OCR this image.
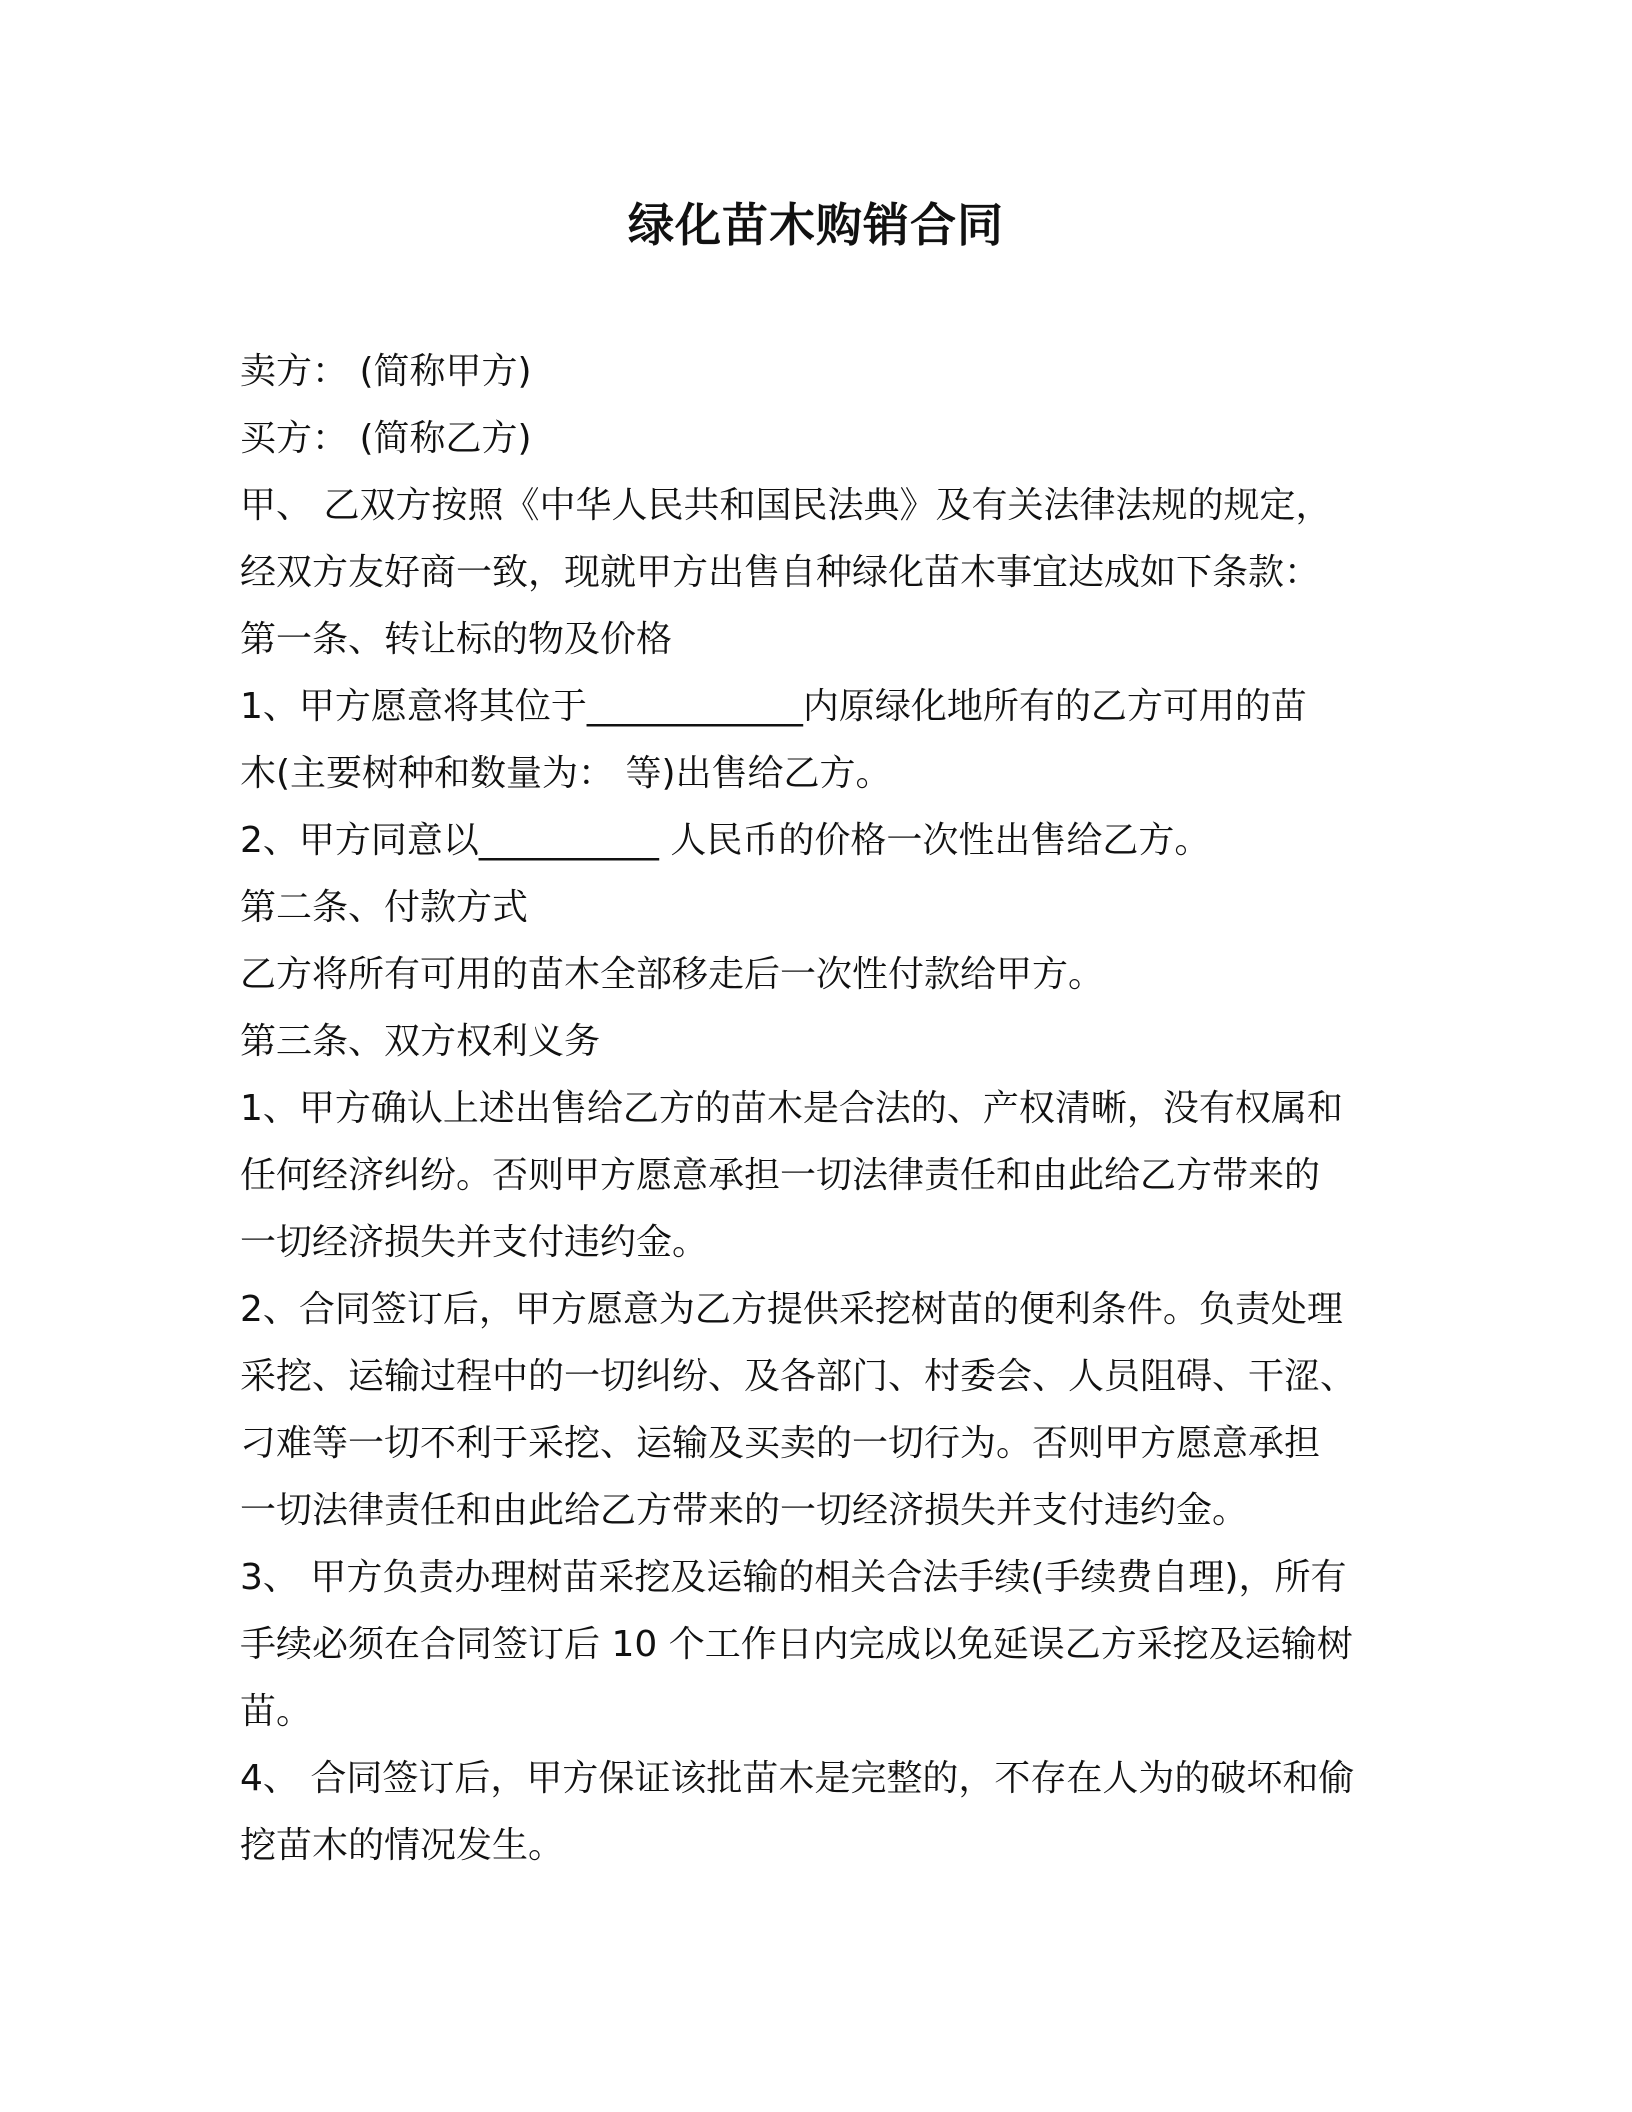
绿化苗木购销合同
卖方： (简称甲方)
买方： (简称乙方)
甲、 乙双方按照《中华人民共和国民法典》及有关法律法规的规定，
经双方友好商一致，现就甲方出售自种绿化苗木事宜达成如下条款：
第一条、转让标的物及价格
1、甲方愿意将其位于____________内原绿化地所有的乙方可用的苗
木(主要树种和数量为： 等)出售给乙方。
2、甲方同意以__________ 人民币的价格一次性出售给乙方。
第二条、付款方式
乙方将所有可用的苗木全部移走后一次性付款给甲方。
第三条、双方权利义务
1、甲方确认上述出售给乙方的苗木是合法的、产权清晰，没有权属和
任何经济纠纷。否则甲方愿意承担一切法律责任和由此给乙方带来的
一切经济损失并支付违约金。
2、合同签订后，甲方愿意为乙方提供采挖树苗的便利条件。负责处理
采挖、运输过程中的一切纠纷、及各部门、村委会、人员阻碍、干涩、
刁难等一切不利于采挖、运输及买卖的一切行为。否则甲方愿意承担
一切法律责任和由此给乙方带来的一切经济损失并支付违约金。
3、 甲方负责办理树苗采挖及运输的相关合法手续(手续费自理)，所有
手续必须在合同签订后 10 个工作日内完成以免延误乙方采挖及运输树
苗。
4、 合同签订后，甲方保证该批苗木是完整的，不存在人为的破坏和偷
挖苗木的情况发生。
